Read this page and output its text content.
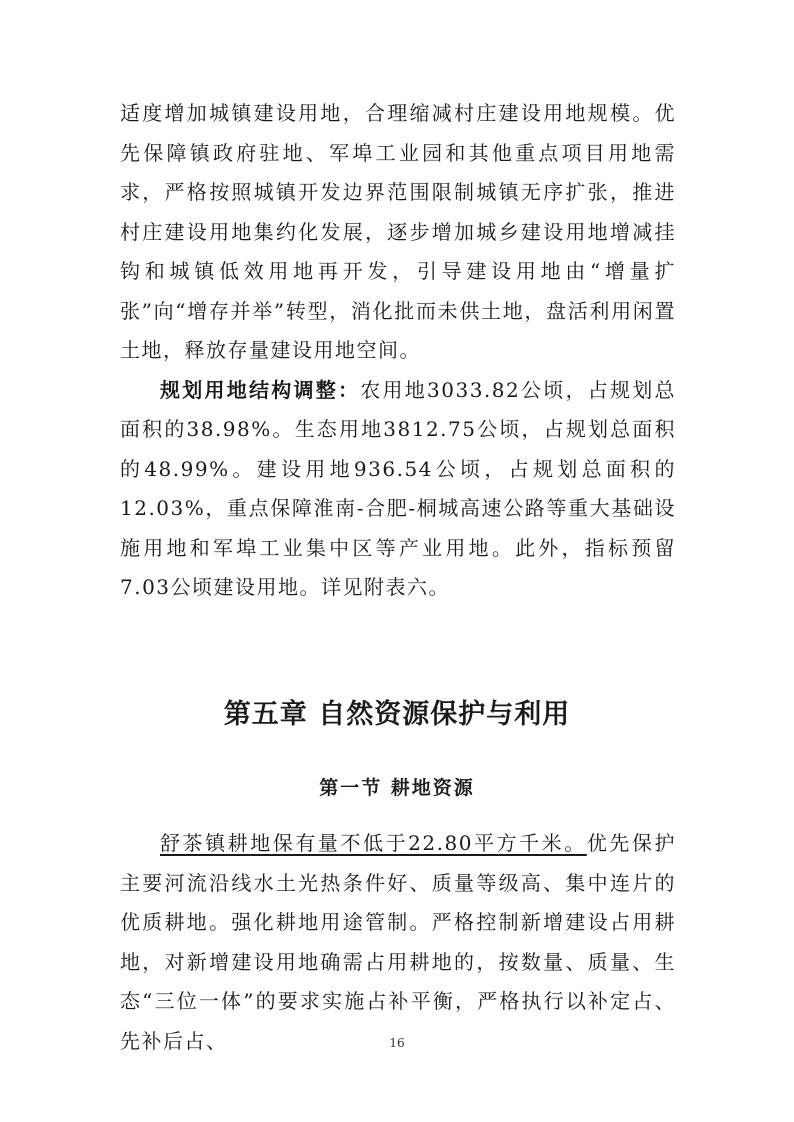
适度增加城镇建设用地，合理缩减村庄建设用地规模。优先保障镇政府驻地、军埠工业园和其他重点项目用地需求，严格按照城镇开发边界范围限制城镇无序扩张，推进村庄建设用地集约化发展，逐步增加城乡建设用地增减挂钩和城镇低效用地再开发，引导建设用地由“增量扩张”向“增存并举”转型，消化批而未供土地，盘活利用闲置土地，释放存量建设用地空间。

规划用地结构调整：农用地3033.82公顷，占规划总面积的38.98%。生态用地3812.75公顷，占规划总面积的48.99%。建设用地936.54公顷，占规划总面积的12.03%，重点保障淮南-合肥-桐城高速公路等重大基础设施用地和军埠工业集中区等产业用地。此外，指标预留7.03公顷建设用地。详见附表六。

第五章 自然资源保护与利用
第一节 耕地资源

舒茶镇耕地保有量不低于22.80平方千米。优先保护主要河流沿线水土光热条件好、质量等级高、集中连片的优质耕地。强化耕地用途管制。严格控制新增建设占用耕地，对新增建设用地确需占用耕地的，按数量、质量、生态“三位一体”的要求实施占补平衡，严格执行以补定占、先补后占、	16
